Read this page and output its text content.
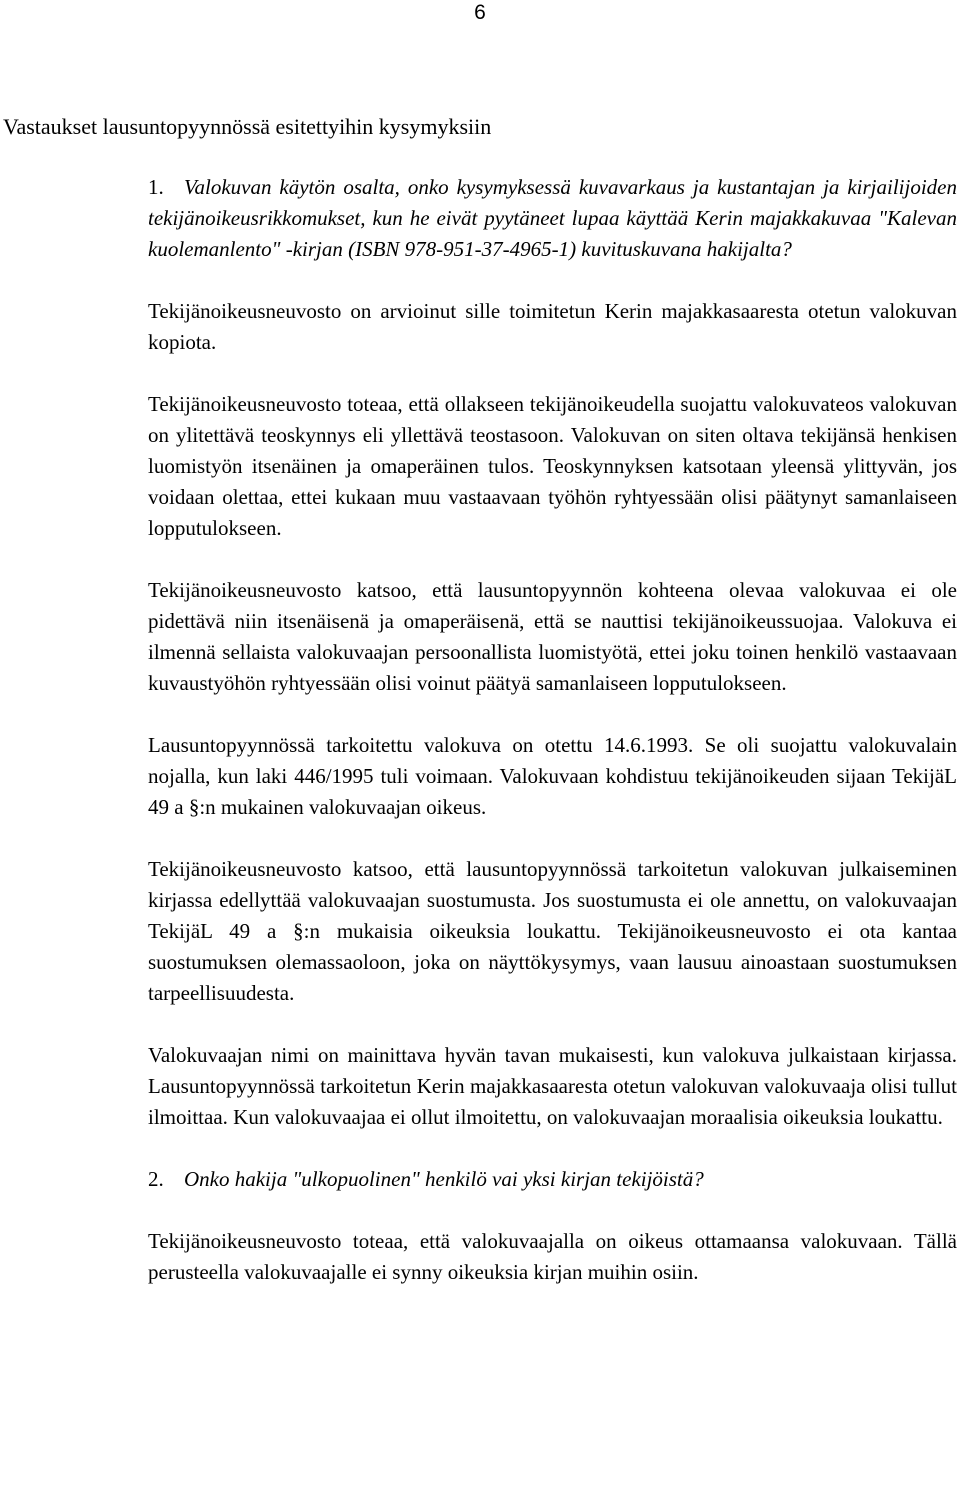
6
Vastaukset lausuntopyynnössä esitettyihin kysymyksiin

1. Valokuvan käytön osalta, onko kysymyksessä kuvavarkaus ja kustantajan ja kirjailijoiden tekijänoikeusrikkomukset, kun he eivät pyytäneet lupaa käyttää Kerin majakkakuvaa "Kalevan kuolemanlento" -kirjan (ISBN 978-951-37-4965-1) kuvituskuvana hakijalta?

Tekijänoikeusneuvosto on arvioinut sille toimitetun Kerin majakkasaaresta otetun valokuvan kopiota.

Tekijänoikeusneuvosto toteaa, että ollakseen tekijänoikeudella suojattu valokuvateos valokuvan on ylitettävä teoskynnys eli yllettävä teostasoon. Valokuvan on siten oltava tekijänsä henkisen luomistyön itsenäinen ja omaperäinen tulos. Teoskynnyksen katsotaan yleensä ylittyvän, jos voidaan olettaa, ettei kukaan muu vastaavaan työhön ryhtyessään olisi päätynyt samanlaiseen lopputulokseen.

Tekijänoikeusneuvosto katsoo, että lausuntopyynnön kohteena olevaa valokuvaa ei ole pidettävä niin itsenäisenä ja omaperäisenä, että se nauttisi tekijänoikeussuojaa. Valokuva ei ilmennä sellaista valokuvaajan persoonallista luomistyötä, ettei joku toinen henkilö vastaavaan kuvaustyöhön ryhtyessään olisi voinut päätyä samanlaiseen lopputulokseen.

Lausuntopyynnössä tarkoitettu valokuva on otettu 14.6.1993. Se oli suojattu valokuvalain nojalla, kun laki 446/1995 tuli voimaan. Valokuvaan kohdistuu tekijänoikeuden sijaan TekijäL 49 a §:n mukainen valokuvaajan oikeus.

Tekijänoikeusneuvosto katsoo, että lausuntopyynnössä tarkoitetun valokuvan julkaiseminen kirjassa edellyttää valokuvaajan suostumusta. Jos suostumusta ei ole annettu, on valokuvaajan TekijäL 49 a §:n mukaisia oikeuksia loukattu. Tekijänoikeusneuvosto ei ota kantaa suostumuksen olemassaoloon, joka on näyttökysymys, vaan lausuu ainoastaan suostumuksen tarpeellisuudesta.

Valokuvaajan nimi on mainittava hyvän tavan mukaisesti, kun valokuva julkaistaan kirjassa. Lausuntopyynnössä tarkoitetun Kerin majakkasaaresta otetun valokuvan valokuvaaja olisi tullut ilmoittaa. Kun valokuvaajaa ei ollut ilmoitettu, on valokuvaajan moraalisia oikeuksia loukattu.

2. Onko hakija "ulkopuolinen" henkilö vai yksi kirjan tekijöistä?

Tekijänoikeusneuvosto toteaa, että valokuvaajalla on oikeus ottamaansa valokuvaan. Tällä perusteella valokuvaajalle ei synny oikeuksia kirjan muihin osiin.
